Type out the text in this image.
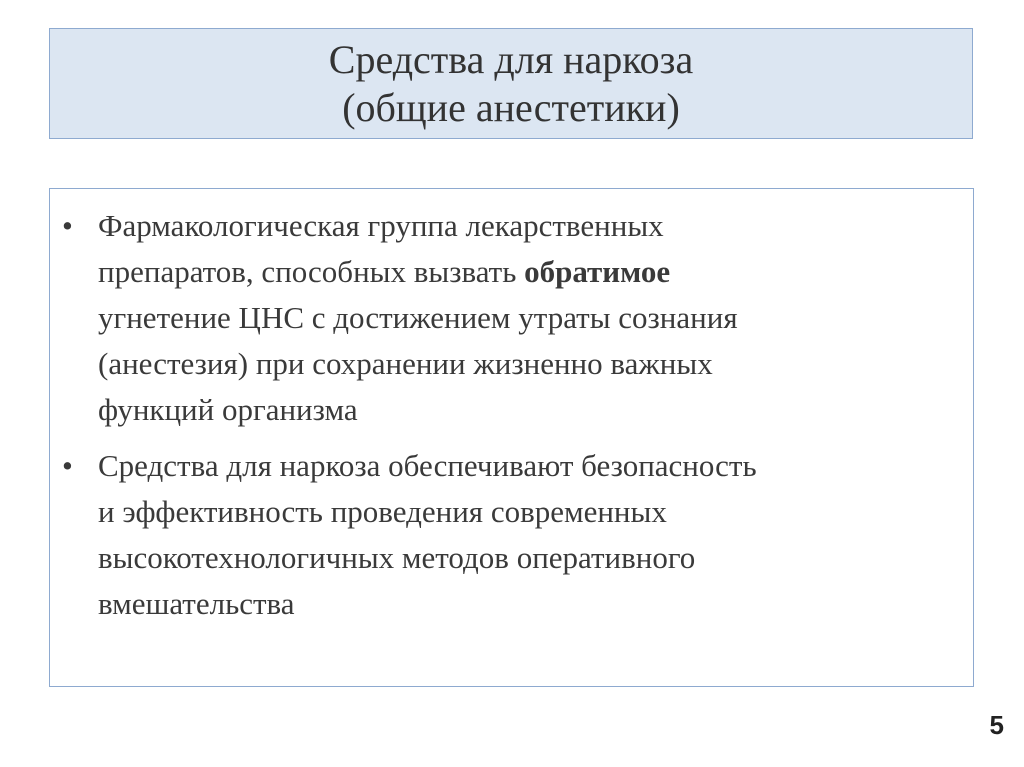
Средства для наркоза
(общие анестетики)
• Фармакологическая группа лекарственных
препаратов, способных вызвать обратимое
угнетение ЦНС с достижением утраты сознания
(анестезия) при сохранении жизненно важных
функций организма
• Средства для наркоза обеспечивают безопасность
и эффективность проведения современных
высокотехнологичных методов оперативного
вмешательства
5
